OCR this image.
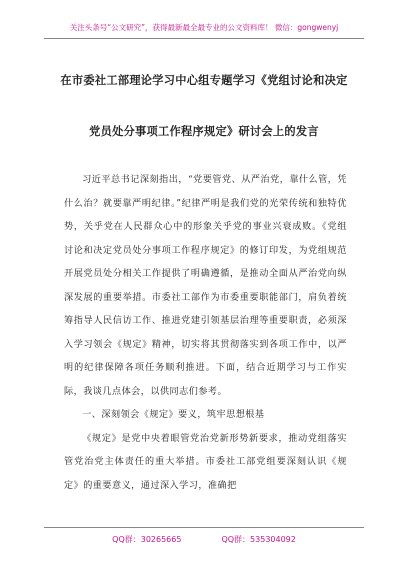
关注头条号“公文研究”，获得最新最全最专业的公文资料库！ 微信：gongwenyj
在市委社工部理论学习中心组专题学习《党组讨论和决定
党员处分事项工作程序规定》研讨会上的发言

习近平总书记深刻指出，“党要管党、从严治党，靠什么管，凭什么治？就要靠严明纪律。”纪律严明是我们党的光荣传统和独特优势，关乎党在人民群众心中的形象关乎党的事业兴衰成败。《党组讨论和决定党员处分事项工作程序规定》的修订印发，为党组规范开展党员处分相关工作提供了明确遵循，是推动全面从严治党向纵深发展的重要举措。市委社工部作为市委重要职能部门，肩负着统筹指导人民信访工作、推进党建引领基层治理等重要职责，必须深入学习领会《规定》精神，切实将其贯彻落实到各项工作中，以严明的纪律保障各项任务顺利推进。下面，结合近期学习与工作实际，我谈几点体会，以供同志们参考。

一、深刻领会《规定》要义，筑牢思想根基

《规定》是党中央着眼管党治党新形势新要求，推动党组落实管党治党主体责任的重大举措。市委社工部党组要深刻认识《规定》的重要意义，通过深入学习，准确把

QQ群：30265665	QQ群：535304092
